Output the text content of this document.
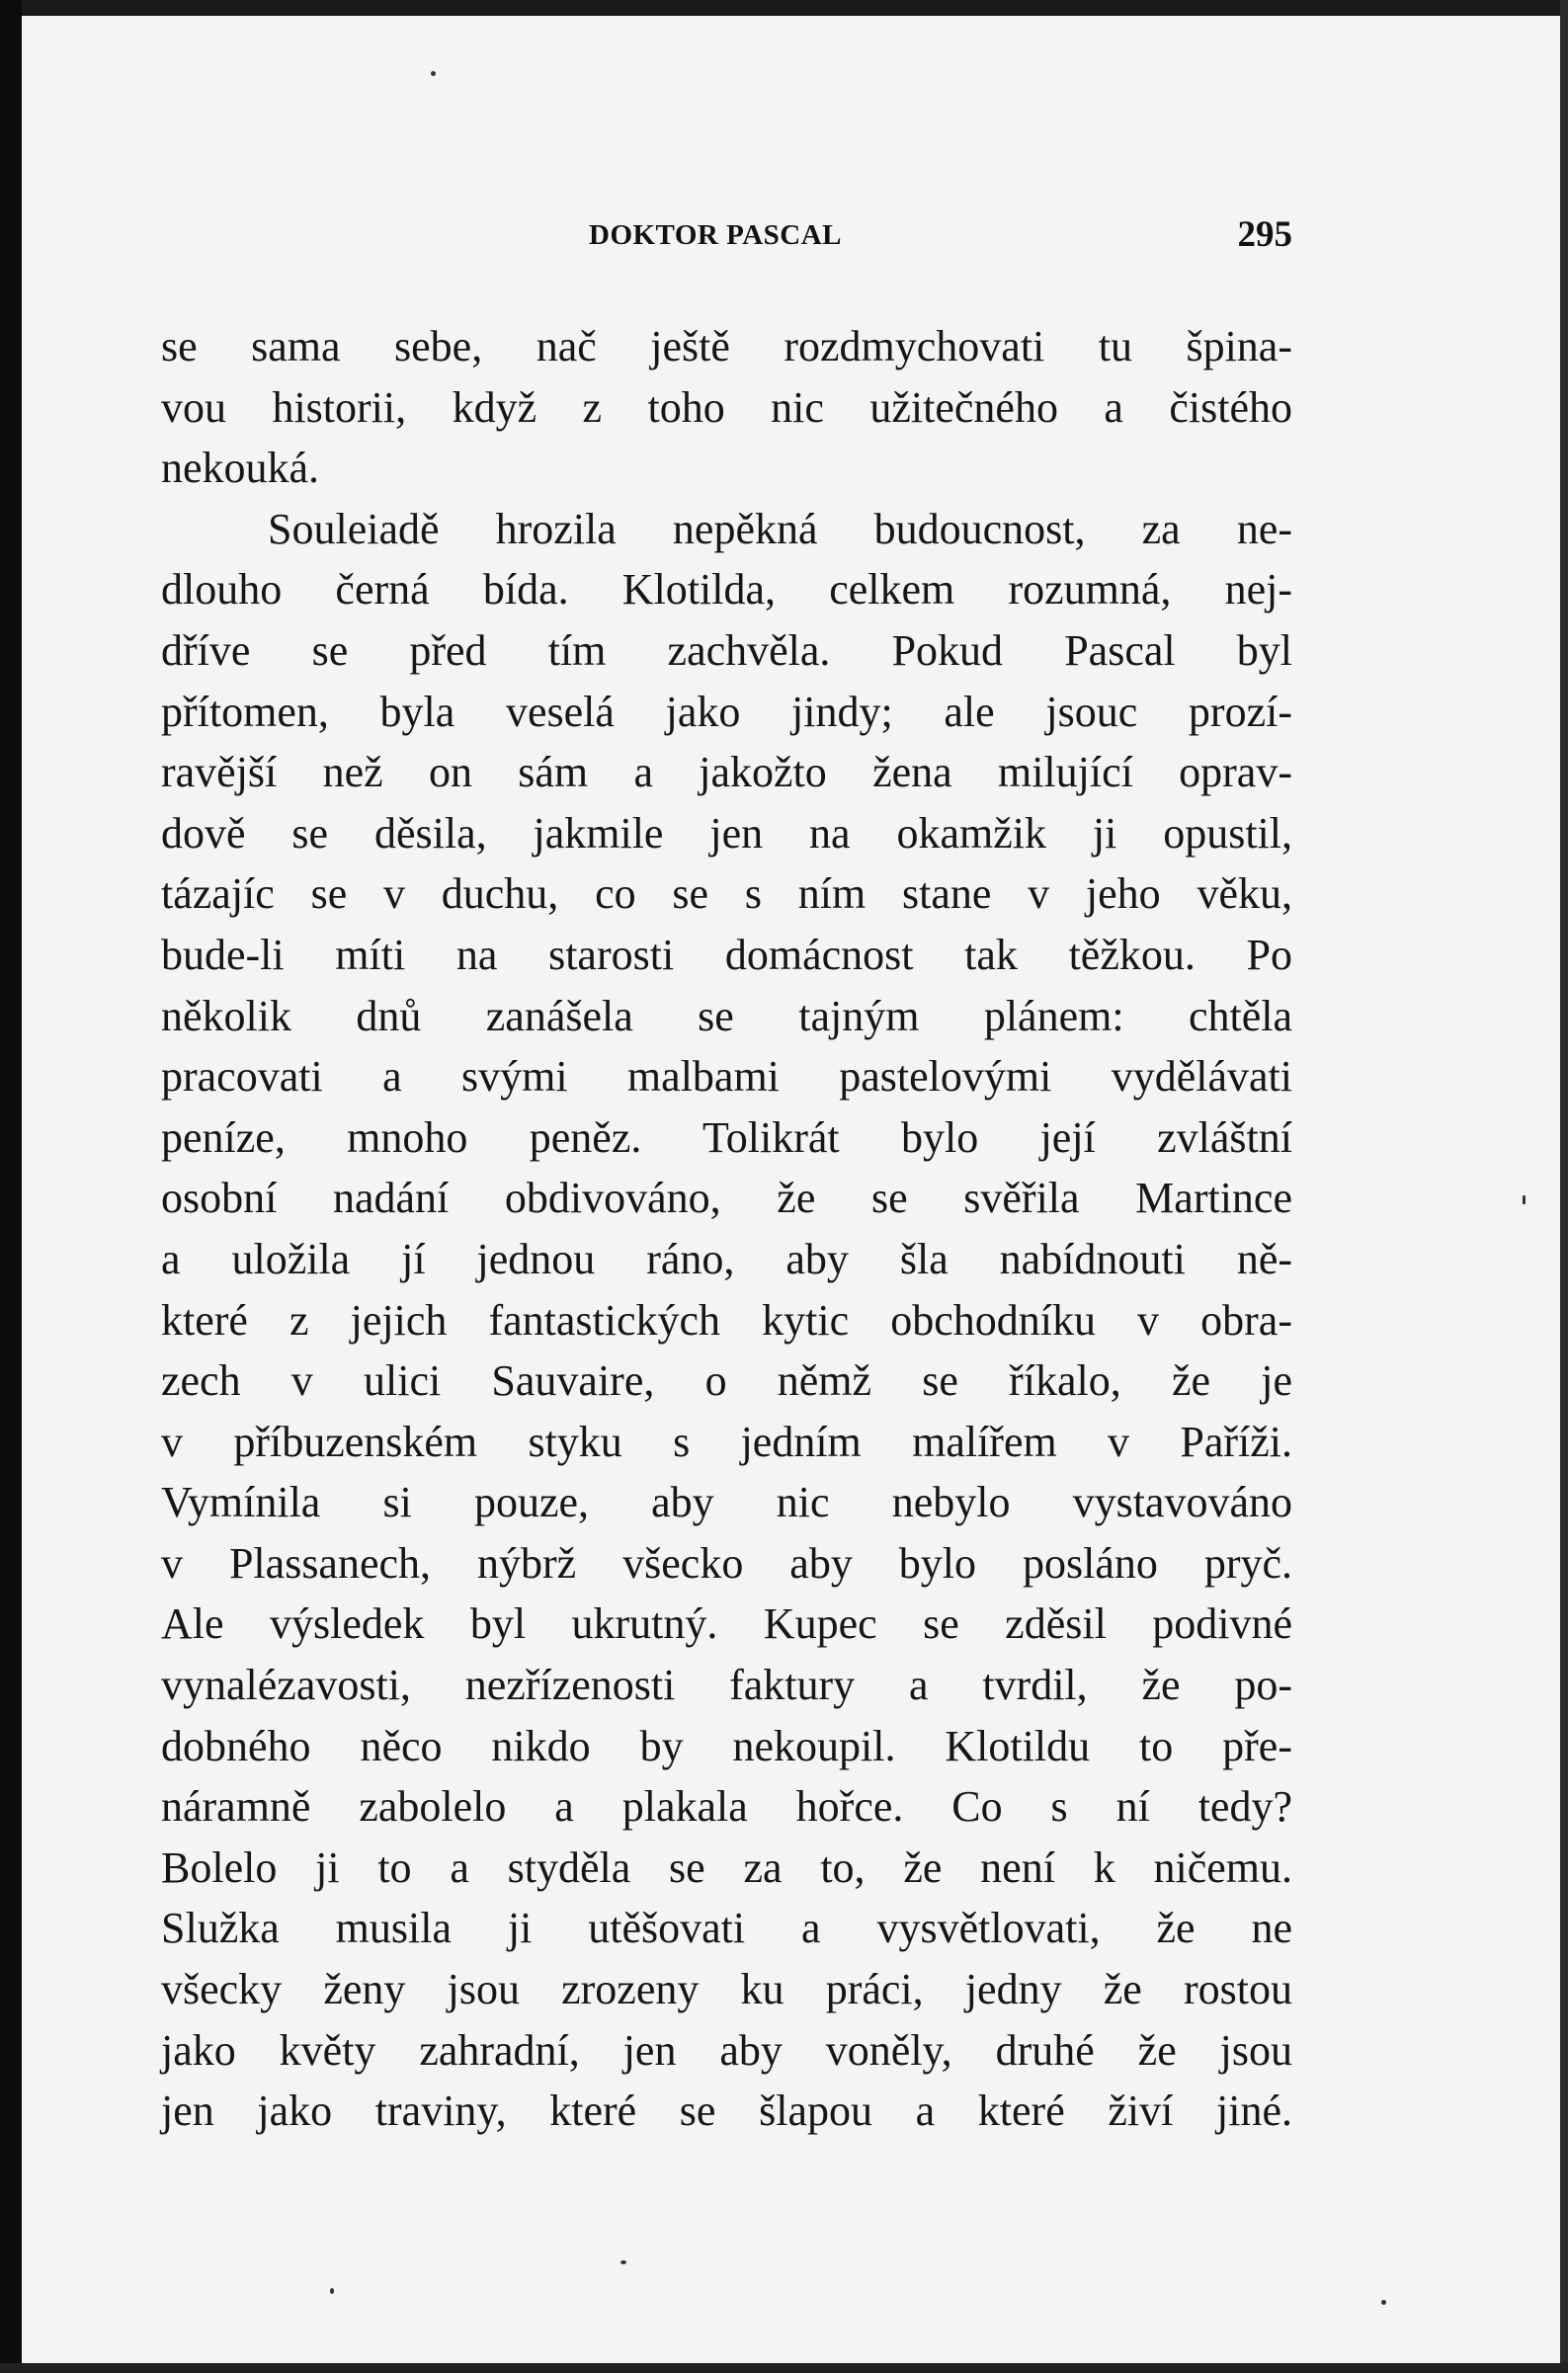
DOKTOR PASCAL	295
se sama sebe, nač ještě rozdmychovati tu špina-
vou historii, když z toho nic užitečného a čistého
nekouká.
Souleiadě hrozila nepěkná budoucnost, za ne-
dlouho černá bída. Klotilda, celkem rozumná, nej-
dříve se před tím zachvěla. Pokud Pascal byl
přítomen, byla veselá jako jindy; ale jsouc prozí-
ravější než on sám a jakožto žena milující oprav-
dově se děsila, jakmile jen na okamžik ji opustil,
tázajíc se v duchu, co se s ním stane v jeho věku,
bude-li míti na starosti domácnost tak těžkou. Po
několik dnů zanášela se tajným plánem: chtěla
pracovati a svými malbami pastelovými vydělávati
peníze, mnoho peněz. Tolikrát bylo její zvláštní
osobní nadání obdivováno, že se svěřila Martince
a uložila jí jednou ráno, aby šla nabídnouti ně-
které z jejich fantastických kytic obchodníku v obra-
zech v ulici Sauvaire, o němž se říkalo, že je
v příbuzenském styku s jedním malířem v Paříži.
Vymínila si pouze, aby nic nebylo vystavováno
v Plassanech, nýbrž všecko aby bylo posláno pryč.
Ale výsledek byl ukrutný. Kupec se zděsil podivné
vynalézavosti, nezřízenosti faktury a tvrdil, že po-
dobného něco nikdo by nekoupil. Klotildu to pře-
náramně zabolelo a plakala hořce. Co s ní tedy?
Bolelo ji to a styděla se za to, že není k ničemu.
Služka musila ji utěšovati a vysvětlovati, že ne
všecky ženy jsou zrozeny ku práci, jedny že rostou
jako květy zahradní, jen aby voněly, druhé že jsou
jen jako traviny, které se šlapou a které živí jiné.
